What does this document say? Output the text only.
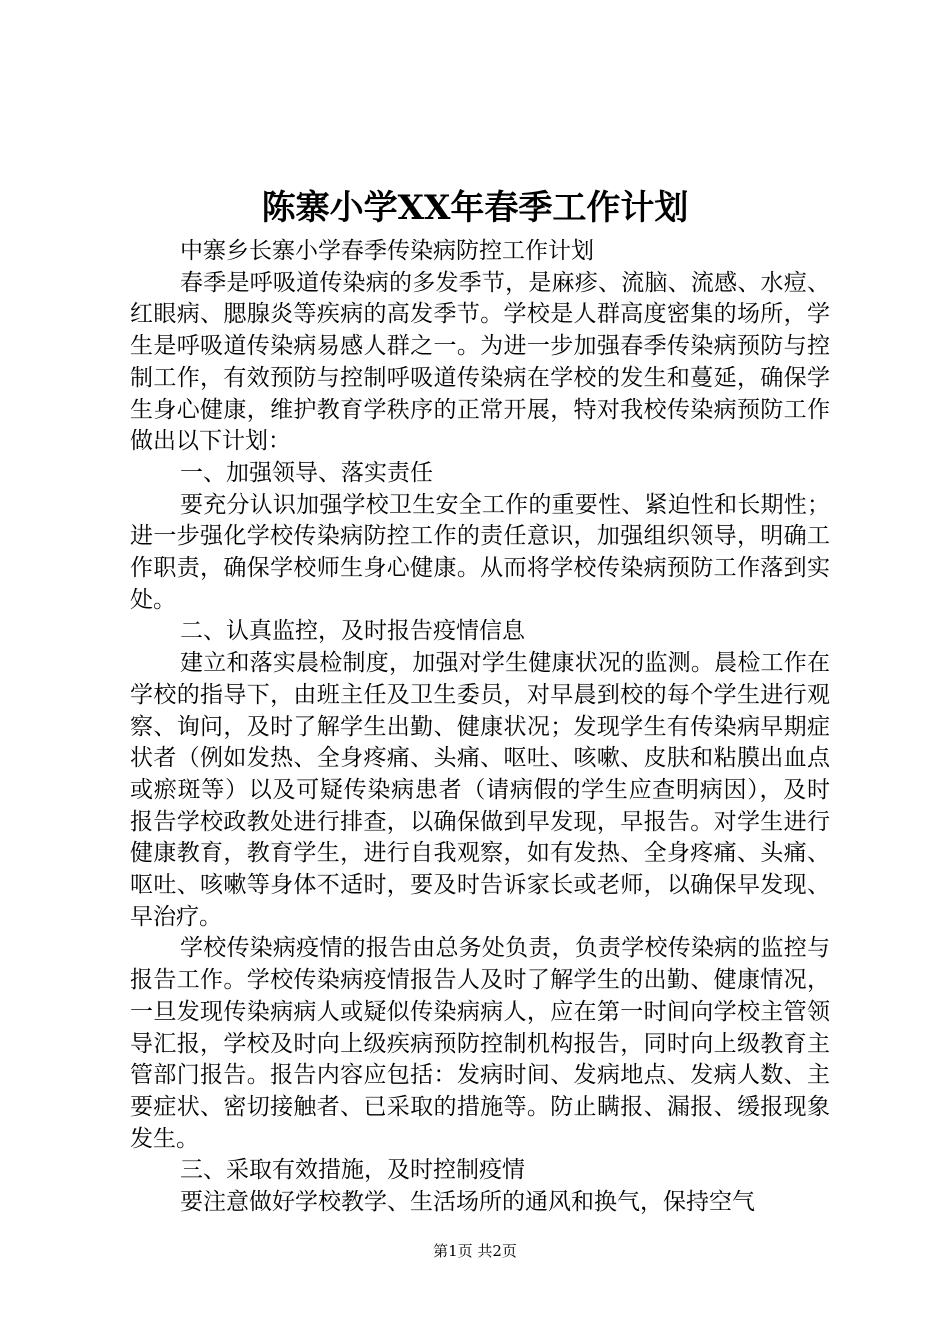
陈寨小学XX年春季工作计划

中寨乡长寨小学春季传染病防控工作计划

春季是呼吸道传染病的多发季节，是麻疹、流脑、流感、水痘、红眼病、腮腺炎等疾病的高发季节。学校是人群高度密集的场所，学生是呼吸道传染病易感人群之一。为进一步加强春季传染病预防与控制工作，有效预防与控制呼吸道传染病在学校的发生和蔓延，确保学生身心健康，维护教育学秩序的正常开展，特对我校传染病预防工作做出以下计划：

一、加强领导、落实责任

要充分认识加强学校卫生安全工作的重要性、紧迫性和长期性；进一步强化学校传染病防控工作的责任意识，加强组织领导，明确工作职责，确保学校师生身心健康。从而将学校传染病预防工作落到实处。

二、认真监控，及时报告疫情信息

建立和落实晨检制度，加强对学生健康状况的监测。晨检工作在学校的指导下，由班主任及卫生委员，对早晨到校的每个学生进行观察、询问，及时了解学生出勤、健康状况；发现学生有传染病早期症状者（例如发热、全身疼痛、头痛、呕吐、咳嗽、皮肤和粘膜出血点或瘀斑等）以及可疑传染病患者（请病假的学生应查明病因），及时报告学校政教处进行排查，以确保做到早发现，早报告。对学生进行健康教育，教育学生，进行自我观察，如有发热、全身疼痛、头痛、呕吐、咳嗽等身体不适时，要及时告诉家长或老师，以确保早发现、早治疗。

学校传染病疫情的报告由总务处负责，负责学校传染病的监控与报告工作。学校传染病疫情报告人及时了解学生的出勤、健康情况，一旦发现传染病病人或疑似传染病病人，应在第一时间向学校主管领导汇报，学校及时向上级疾病预防控制机构报告，同时向上级教育主管部门报告。报告内容应包括：发病时间、发病地点、发病人数、主要症状、密切接触者、已采取的措施等。防止瞒报、漏报、缓报现象发生。

三、采取有效措施，及时控制疫情

要注意做好学校教学、生活场所的通风和换气，保持空气

第1页 共2页
